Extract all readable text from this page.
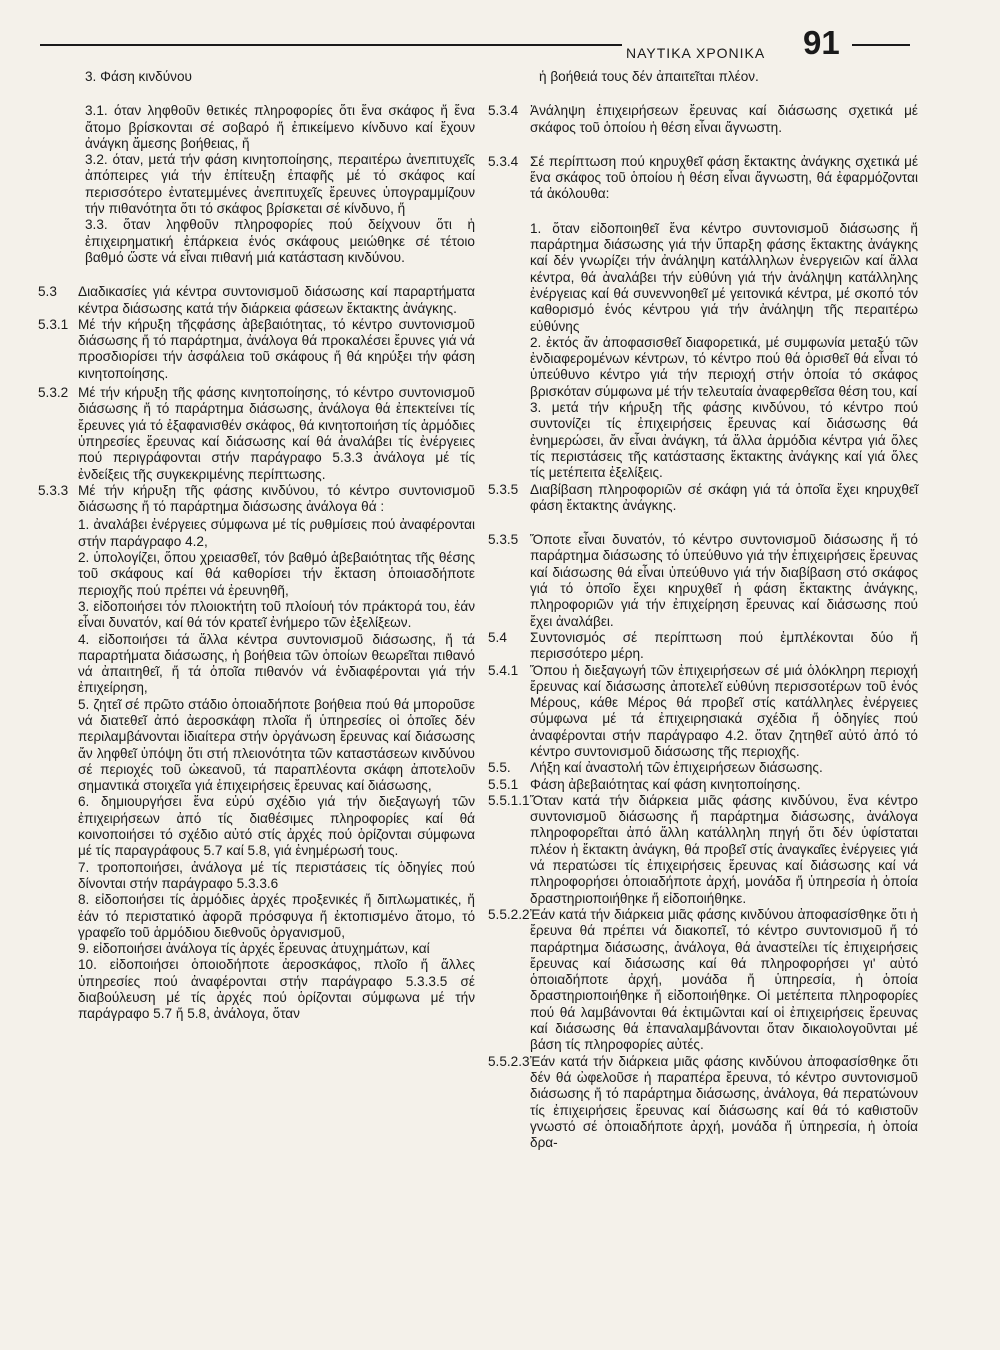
ΝΑΥΤΙΚΑ ΧΡΟΝΙΚΑ 91

3. Φάση κινδύνου

3.1. όταν ληφθοῦν θετικές πληροφορίες ὅτι ἕνα σκάφος ἤ ἕνα ἄτομο βρίσκονται σέ σοβαρό ἤ ἐπικείμενο κίνδυνο καί ἔχουν ἀνάγκη ἄμεσης βοήθειας, ἤ

3.2. όταν, μετά τήν φάση κινητοποίησης, περαιτέρω ἀνεπιτυχεῖς ἀπόπειρες γιά τήν ἐπίτευξη ἐπαφῆς μέ τό σκάφος καί περισσότερο ἐντατεμμένες ἀνεπιτυχεῖς ἔρευνες ὑπογραμμίζουν τήν πιθανότητα ὅτι τό σκάφος βρίσκεται σέ κίνδυνο, ἤ

3.3. ὅταν ληφθοῦν πληροφορίες πού δείχνουν ὅτι ἡ ἐπιχειρηματική ἐπάρκεια ἑνός σκάφους μειώθηκε σέ τέτοιο βαθμό ὥστε νά εἶναι πιθανή μιά κατάσταση κινδύνου.

5.3	Διαδικασίες γιά κέντρα συντονισμοῦ διάσωσης καί παραρτήματα κέντρα διάσωσης κατά τήν διάρκεια φάσεων ἔκτακτης ἀνάγκης.
5.3.1 Μέ τήν κήρυξη τῆςφάσης ἀβεβαιότητας, τό κέντρο συντονισμοῦ διάσωσης ἤ τό παράρτημα, ἀνάλογα θά προκαλέσει ἔρυνες γιά νά προσδιορίσει τήν ἀσφάλεια τοῦ σκάφους ἤ θά κηρύξει τήν φάση κινητοποίησης.
5.3.2 Μέ τήν κήρυξη τῆς φάσης κινητοποίησης, τό κέντρο συντονισμοῦ διάσωσης ἤ τό παράρτημα διάσωσης, ἀνάλογα θά ἐπεκτείνει τίς ἔρευνες γιά τό ἐξαφανισθέν σκάφος, θά κινητοποιήση τίς ἁρμόδιες ὑπηρεσίες ἔρευνας καί διάσωσης καί θά ἀναλάβει τίς ἐνέργειες πού περιγράφονται στήν παράγραφο 5.3.3 ἀνάλογα μέ τίς ἐνδείξεις τῆς συγκεκριμένης περίπτωσης.
5.3.3 Μέ τήν κήρυξη τῆς φάσης κινδύνου, τό κέντρο συντονισμοῦ διάσωσης ἤ τό παράρτημα διάσωσης ἀνάλογα θά :

1. ἀναλάβει ἐνέργειες σύμφωνα μέ τίς ρυθμίσεις πού ἀναφέρονται στήν παράγραφο 4.2,

2. ὑπολογίζει, ὅπου χρειασθεῖ, τόν βαθμό ἀβεβαιότητας τῆς θέσης τοῦ σκάφους καί θά καθορίσει τήν ἔκταση ὁποιασδήποτε περιοχῆς πού πρέπει νά ἐρευνηθῆ,

3. εἰδοποιήσει τόν πλοιοκτήτη τοῦ πλοίουή τόν πράκτορά του, ἐάν εἶναι δυνατόν, καί θά τόν κρατεῖ ἐνήμερο τῶν ἐξελίξεων.

4. εἰδοποιήσει τά ἄλλα κέντρα συντονισμοῦ διάσωσης, ἤ τά παραρτήματα διάσωσης, ἡ βοήθεια τῶν ὁποίων θεωρεῖται πιθανό νά ἀπαιτηθεῖ, ἤ τά ὁποῖα πιθανόν νά ἐνδιαφέρονται γιά τήν ἐπιχείρηση,

5. ζητεῖ σέ πρῶτο στάδιο ὁποιαδήποτε βοήθεια πού θά μποροῦσε νά διατεθεῖ ἀπό ἀεροσκάφη πλοῖα ἤ ὑπηρεσίες οἱ ὁποῖες δέν περιλαμβάνονται ἰδιαίτερα στήν ὀργάνωση ἔρευνας καί διάσωσης ἄν ληφθεῖ ὑπόψη ὅτι στή πλειονότητα τῶν καταστάσεων κινδύνου σέ περιοχές τοῦ ὠκεανοῦ, τά παραπλέοντα σκάφη ἀποτελοῦν σημαντικά στοιχεῖα γιά ἐπιχειρήσεις ἔρευνας καί διάσωσης,

6. δημιουργήσει ἕνα εὐρύ σχέδιο γιά τήν διεξαγωγή τῶν ἐπιχειρήσεων ἀπό τίς διαθέσιμες πληροφορίες καί θά κοινοποιήσει τό σχέδιο αὐτό στίς ἀρχές πού ὁρίζονται σύμφωνα μέ τίς παραγράφους 5.7 καί 5.8, γιά ἐνημέρωσή τους.

7. τροποποιήσει, ἀνάλογα μέ τίς περιστάσεις τίς ὁδηγίες πού δίνονται στήν παράγραφο 5.3.3.6

8. εἰδοποιήσει τίς ἁρμόδιες ἀρχές προξενικές ἤ διπλωματικές, ἤ ἐάν τό περιστατικό ἀφορᾶ πρόσφυγα ἤ ἐκτοπισμένο ἄτομο, τό γραφεῖο τοῦ ἁρμόδιου διεθνοῦς ὀργανισμοῦ,

9. εἰδοποιήσει ἀνάλογα τίς ἀρχές ἔρευνας ἀτυχημάτων, καί

10. εἰδοποιήσει ὁποιοδήποτε ἀεροσκάφος, πλοῖο ἤ ἄλλες ὑπηρεσίες πού ἀναφέρονται στήν παράγραφο 5.3.3.5 σέ διαβούλευση μέ τίς ἀρχές πού ὁρίζονται σύμφωνα μέ τήν παράγραφο 5.7 ἤ 5.8, ἀνάλογα, ὅταν

ἡ βοήθειά τους δέν ἀπαιτεῖται πλέον.

5.3.4 Ἀνάληψη ἐπιχειρήσεων ἔρευνας καί διάσωσης σχετικά μέ σκάφος τοῦ ὁποίου ἡ θέση εἶναι ἄγνωστη.
5.3.4 Σέ περίπτωση πού κηρυχθεῖ φάση ἔκτακτης ἀνάγκης σχετικά μέ ἕνα σκάφος τοῦ ὁποίου ἡ θέση εἶναι ἄγνωστη, θά ἐφαρμόζονται τά ἀκόλουθα:

1. ὅταν εἰδοποιηθεῖ ἕνα κέντρο συντονισμοῦ διάσωσης ἤ παράρτημα διάσωσης γιά τήν ὕπαρξη φάσης ἔκτακτης ἀνάγκης καί δέν γνωρίζει τήν ἀνάληψη κατάλληλων ἐνεργειῶν καί ἄλλα κέντρα, θά ἀναλάβει τήν εὐθύνη γιά τήν ἀνάληψη κατάλληλης ἐνέργειας καί θά συνεννοηθεῖ μέ γειτονικά κέντρα, μέ σκοπό τόν καθορισμό ἑνός κέντρου γιά τήν ἀνάληψη τῆς περαιτέρω εὐθύνης

2. ἐκτός ἄν ἀποφασισθεῖ διαφορετικά, μέ συμφωνία μεταξύ τῶν ἐνδιαφερομένων κέντρων, τό κέντρο πού θά ὁρισθεῖ θά εἶναι τό ὑπεύθυνο κέντρο γιά τήν περιοχή στήν ὁποία τό σκάφος βρισκόταν σύμφωνα μέ τήν τελευταία ἀναφερθεῖσα θέση του, καί

3. μετά τήν κήρυξη τῆς φάσης κινδύνου, τό κέντρο πού συντονίζει τίς ἐπιχειρήσεις ἔρευνας καί διάσωσης θά ἐνημερώσει, ἄν εἶναι ἀνάγκη, τά ἄλλα ἁρμόδια κέντρα γιά ὅλες τίς περιστάσεις τῆς κατάστασης ἔκτακτης ἀνάγκης καί γιά ὅλες τίς μετέπειτα ἐξελίξεις.

5.3.5 Διαβίβαση πληροφοριῶν σέ σκάφη γιά τά ὁποῖα ἔχει κηρυχθεῖ φάση ἔκτακτης ἀνάγκης.
5.3.5 Ὅποτε εἶναι δυνατόν, τό κέντρο συντονισμοῦ διάσωσης ἤ τό παράρτημα διάσωσης τό ὑπεύθυνο γιά τήν ἐπιχειρήσεις ἔρευνας καί διάσωσης θά εἶναι ὑπεύθυνο γιά τήν διαβίβαση στό σκάφος γιά τό ὁποῖο ἔχει κηρυχθεῖ ἡ φάση ἔκτακτης ἀνάγκης, πληροφοριῶν γιά τήν ἐπιχείρηση ἔρευνας καί διάσωσης πού ἔχει ἀναλάβει.
5.4	Συντονισμός σέ περίπτωση πού ἐμπλέκονται δύο ἤ περισσότερο μέρη.
5.4.1 Ὅπου ἡ διεξαγωγή τῶν ἐπιχειρήσεων σέ μιά ὁλόκληρη περιοχή ἔρευνας καί διάσωσης ἀποτελεῖ εὐθύνη περισσοτέρων τοῦ ἑνός Μέρους, κάθε Μέρος θά προβεῖ στίς κατάλληλες ἐνέργειες σύμφωνα μέ τά ἐπιχειρησιακά σχέδια ἤ ὁδηγίες πού ἀναφέρονται στήν παράγραφο 4.2. ὅταν ζητηθεῖ αὐτό ἀπό τό κέντρο συντονισμοῦ διάσωσης τῆς περιοχῆς.
5.5.	Λήξη καί ἀναστολή τῶν ἐπιχειρήσεων διάσωσης.
5.5.1 Φάση ἀβεβαιότητας καί φάση κινητοποίησης.
5.5.1.1 Ὅταν κατά τήν διάρκεια μιᾶς φάσης κινδύνου, ἕνα κέντρο συντονισμοῦ διάσωσης ἤ παράρτημα διάσωσης, ἀνάλογα πληροφορεῖται ἀπό ἄλλη κατάλληλη πηγή ὅτι δέν ὑφίσταται πλέον ἡ ἔκτακτη ἀνάγκη, θά προβεῖ στίς ἀναγκαῖες ἐνέργειες γιά νά περατώσει τίς ἐπιχειρήσεις ἔρευνας καί διάσωσης καί νά πληροφορήσει ὁποιαδήποτε ἀρχή, μονάδα ἤ ὑπηρεσία ἡ ὁποία δραστηριοποιήθηκε ἤ εἰδοποιήθηκε.
5.5.2.2 Ἐάν κατά τήν διάρκεια μιᾶς φάσης κινδύνου ἀποφασίσθηκε ὅτι ἡ ἔρευνα θά πρέπει νά διακοπεῖ, τό κέντρο συντονισμοῦ ἤ τό παράρτημα διάσωσης, ἀνάλογα, θά ἀναστείλει τίς ἐπιχειρήσεις ἔρευνας καί διάσωσης καί θά πληροφορήσει γι' αὐτό ὁποιαδήποτε ἀρχή, μονάδα ἤ ὑπηρεσία, ἡ ὁποία δραστηριοποιήθηκε ἤ εἰδοποιήθηκε. Οἱ μετέπειτα πληροφορίες πού θά λαμβάνονται θά ἐκτιμῶνται καί οἱ ἐπιχειρήσεις ἔρευνας καί διάσωσης θά ἐπαναλαμβάνονται ὅταν δικαιολογοῦνται μέ βάση τίς πληροφορίες αὐτές.
5.5.2.3 Ἐάν κατά τήν διάρκεια μιᾶς φάσης κινδύνου ἀποφασίσθηκε ὅτι δέν θά ὠφελοῦσε ἡ παραπέρα ἔρευνα, τό κέντρο συντονισμοῦ διάσωσης ἤ τό παράρτημα διάσωσης, ἀνάλογα, θά περατώνουν τίς ἐπιχειρήσεις ἔρευνας καί διάσωσης καί θά τό καθιστοῦν γνωστό σέ ὁποιαδήποτε ἀρχή, μονάδα ἤ ὑπηρεσία, ἡ ὁποία δρα-
